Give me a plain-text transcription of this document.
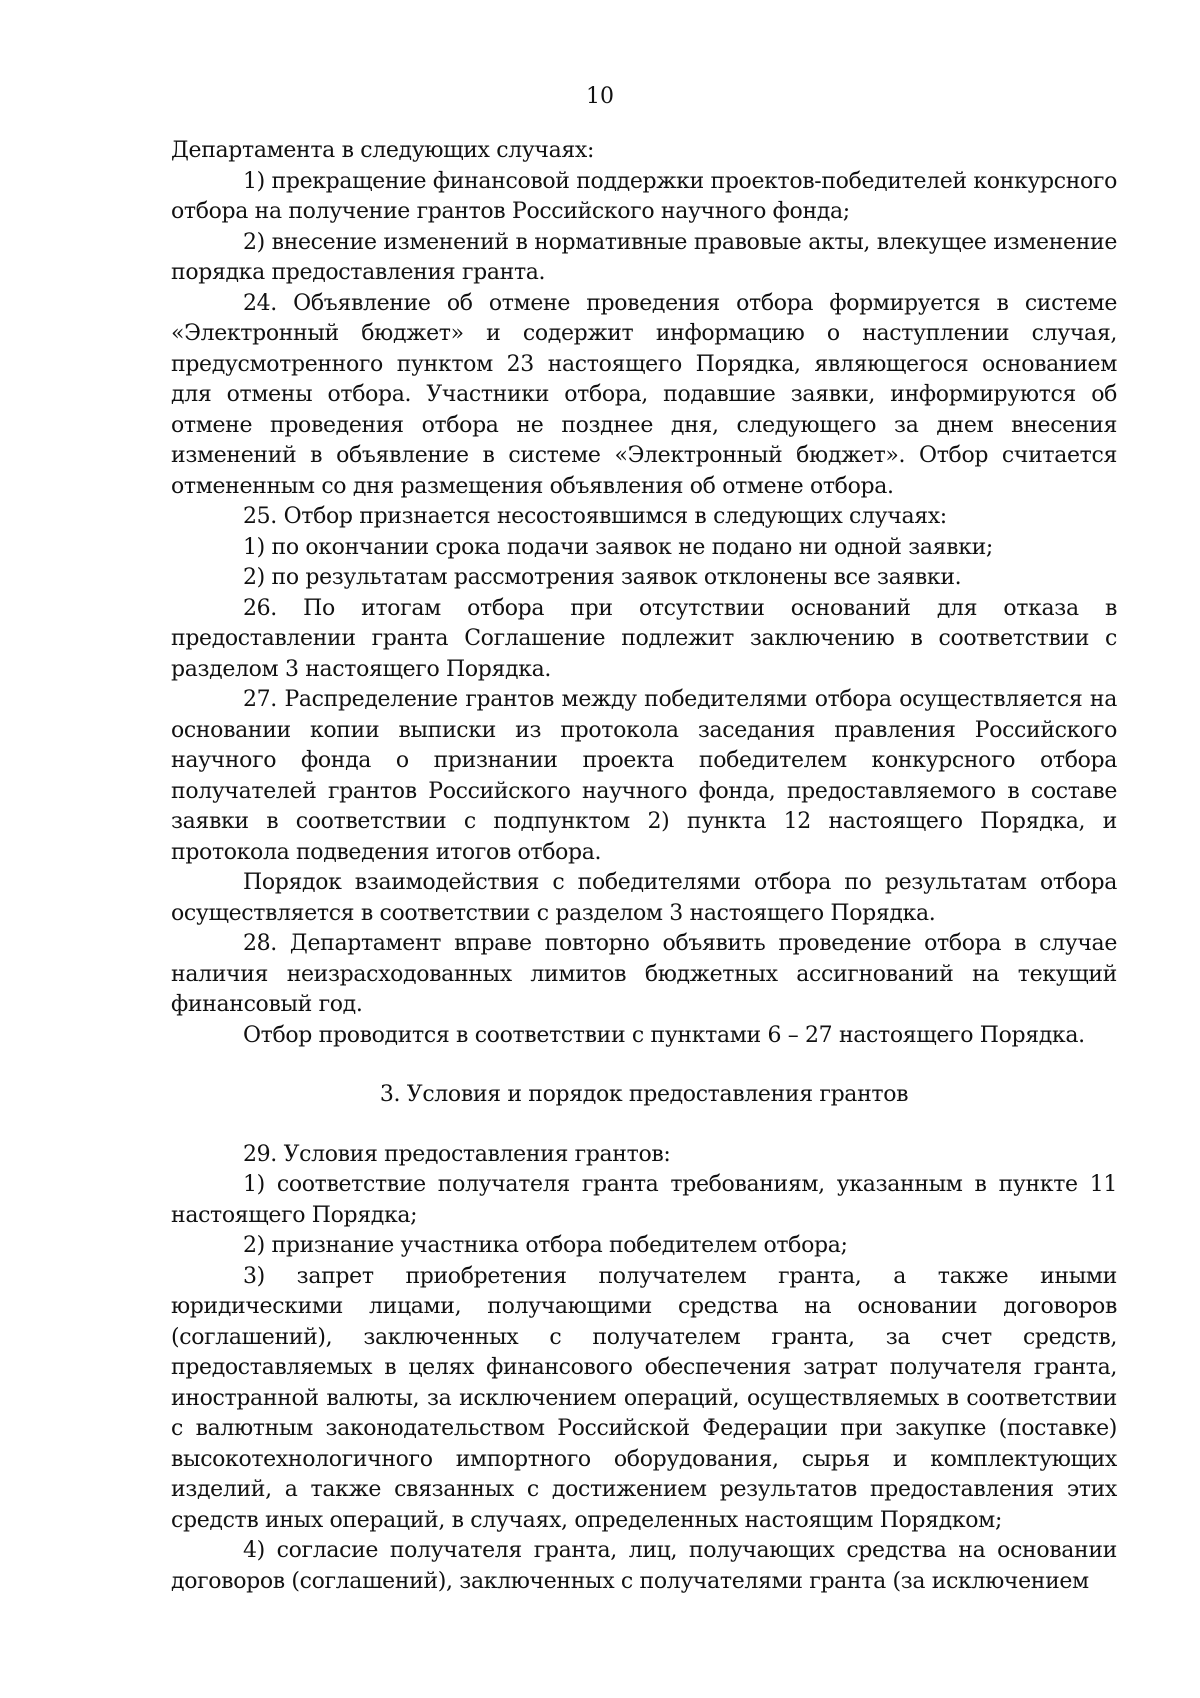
10

Департамента в следующих случаях:

1) прекращение финансовой поддержки проектов-победителей конкурсного отбора на получение грантов Российского научного фонда;

2) внесение изменений в нормативные правовые акты, влекущее изменение порядка предоставления гранта.

24. Объявление об отмене проведения отбора формируется в системе «Электронный бюджет» и содержит информацию о наступлении случая, предусмотренного пунктом 23 настоящего Порядка, являющегося основанием для отмены отбора. Участники отбора, подавшие заявки, информируются об отмене проведения отбора не позднее дня, следующего за днем внесения изменений в объявление в системе «Электронный бюджет». Отбор считается отмененным со дня размещения объявления об отмене отбора.

25. Отбор признается несостоявшимся в следующих случаях:

1) по окончании срока подачи заявок не подано ни одной заявки;

2) по результатам рассмотрения заявок отклонены все заявки.

26. По итогам отбора при отсутствии оснований для отказа в предоставлении гранта Соглашение подлежит заключению в соответствии с разделом 3 настоящего Порядка.

27. Распределение грантов между победителями отбора осуществляется на основании копии выписки из протокола заседания правления Российского научного фонда о признании проекта победителем конкурсного отбора получателей грантов Российского научного фонда, предоставляемого в составе заявки в соответствии с подпунктом 2) пункта 12 настоящего Порядка, и протокола подведения итогов отбора.

Порядок взаимодействия с победителями отбора по результатам отбора осуществляется в соответствии с разделом 3 настоящего Порядка.

28. Департамент вправе повторно объявить проведение отбора в случае наличия неизрасходованных лимитов бюджетных ассигнований на текущий финансовый год.

Отбор проводится в соответствии с пунктами 6 – 27 настоящего Порядка.

3. Условия и порядок предоставления грантов

29. Условия предоставления грантов:

1) соответствие получателя гранта требованиям, указанным в пункте 11 настоящего Порядка;

2) признание участника отбора победителем отбора;

3) запрет приобретения получателем гранта, а также иными юридическими лицами, получающими средства на основании договоров (соглашений), заключенных с получателем гранта, за счет средств, предоставляемых в целях финансового обеспечения затрат получателя гранта, иностранной валюты, за исключением операций, осуществляемых в соответствии с валютным законодательством Российской Федерации при закупке (поставке) высокотехнологичного импортного оборудования, сырья и комплектующих изделий, а также связанных с достижением результатов предоставления этих средств иных операций, в случаях, определенных настоящим Порядком;

4) согласие получателя гранта, лиц, получающих средства на основании договоров (соглашений), заключенных с получателями гранта (за исключением
